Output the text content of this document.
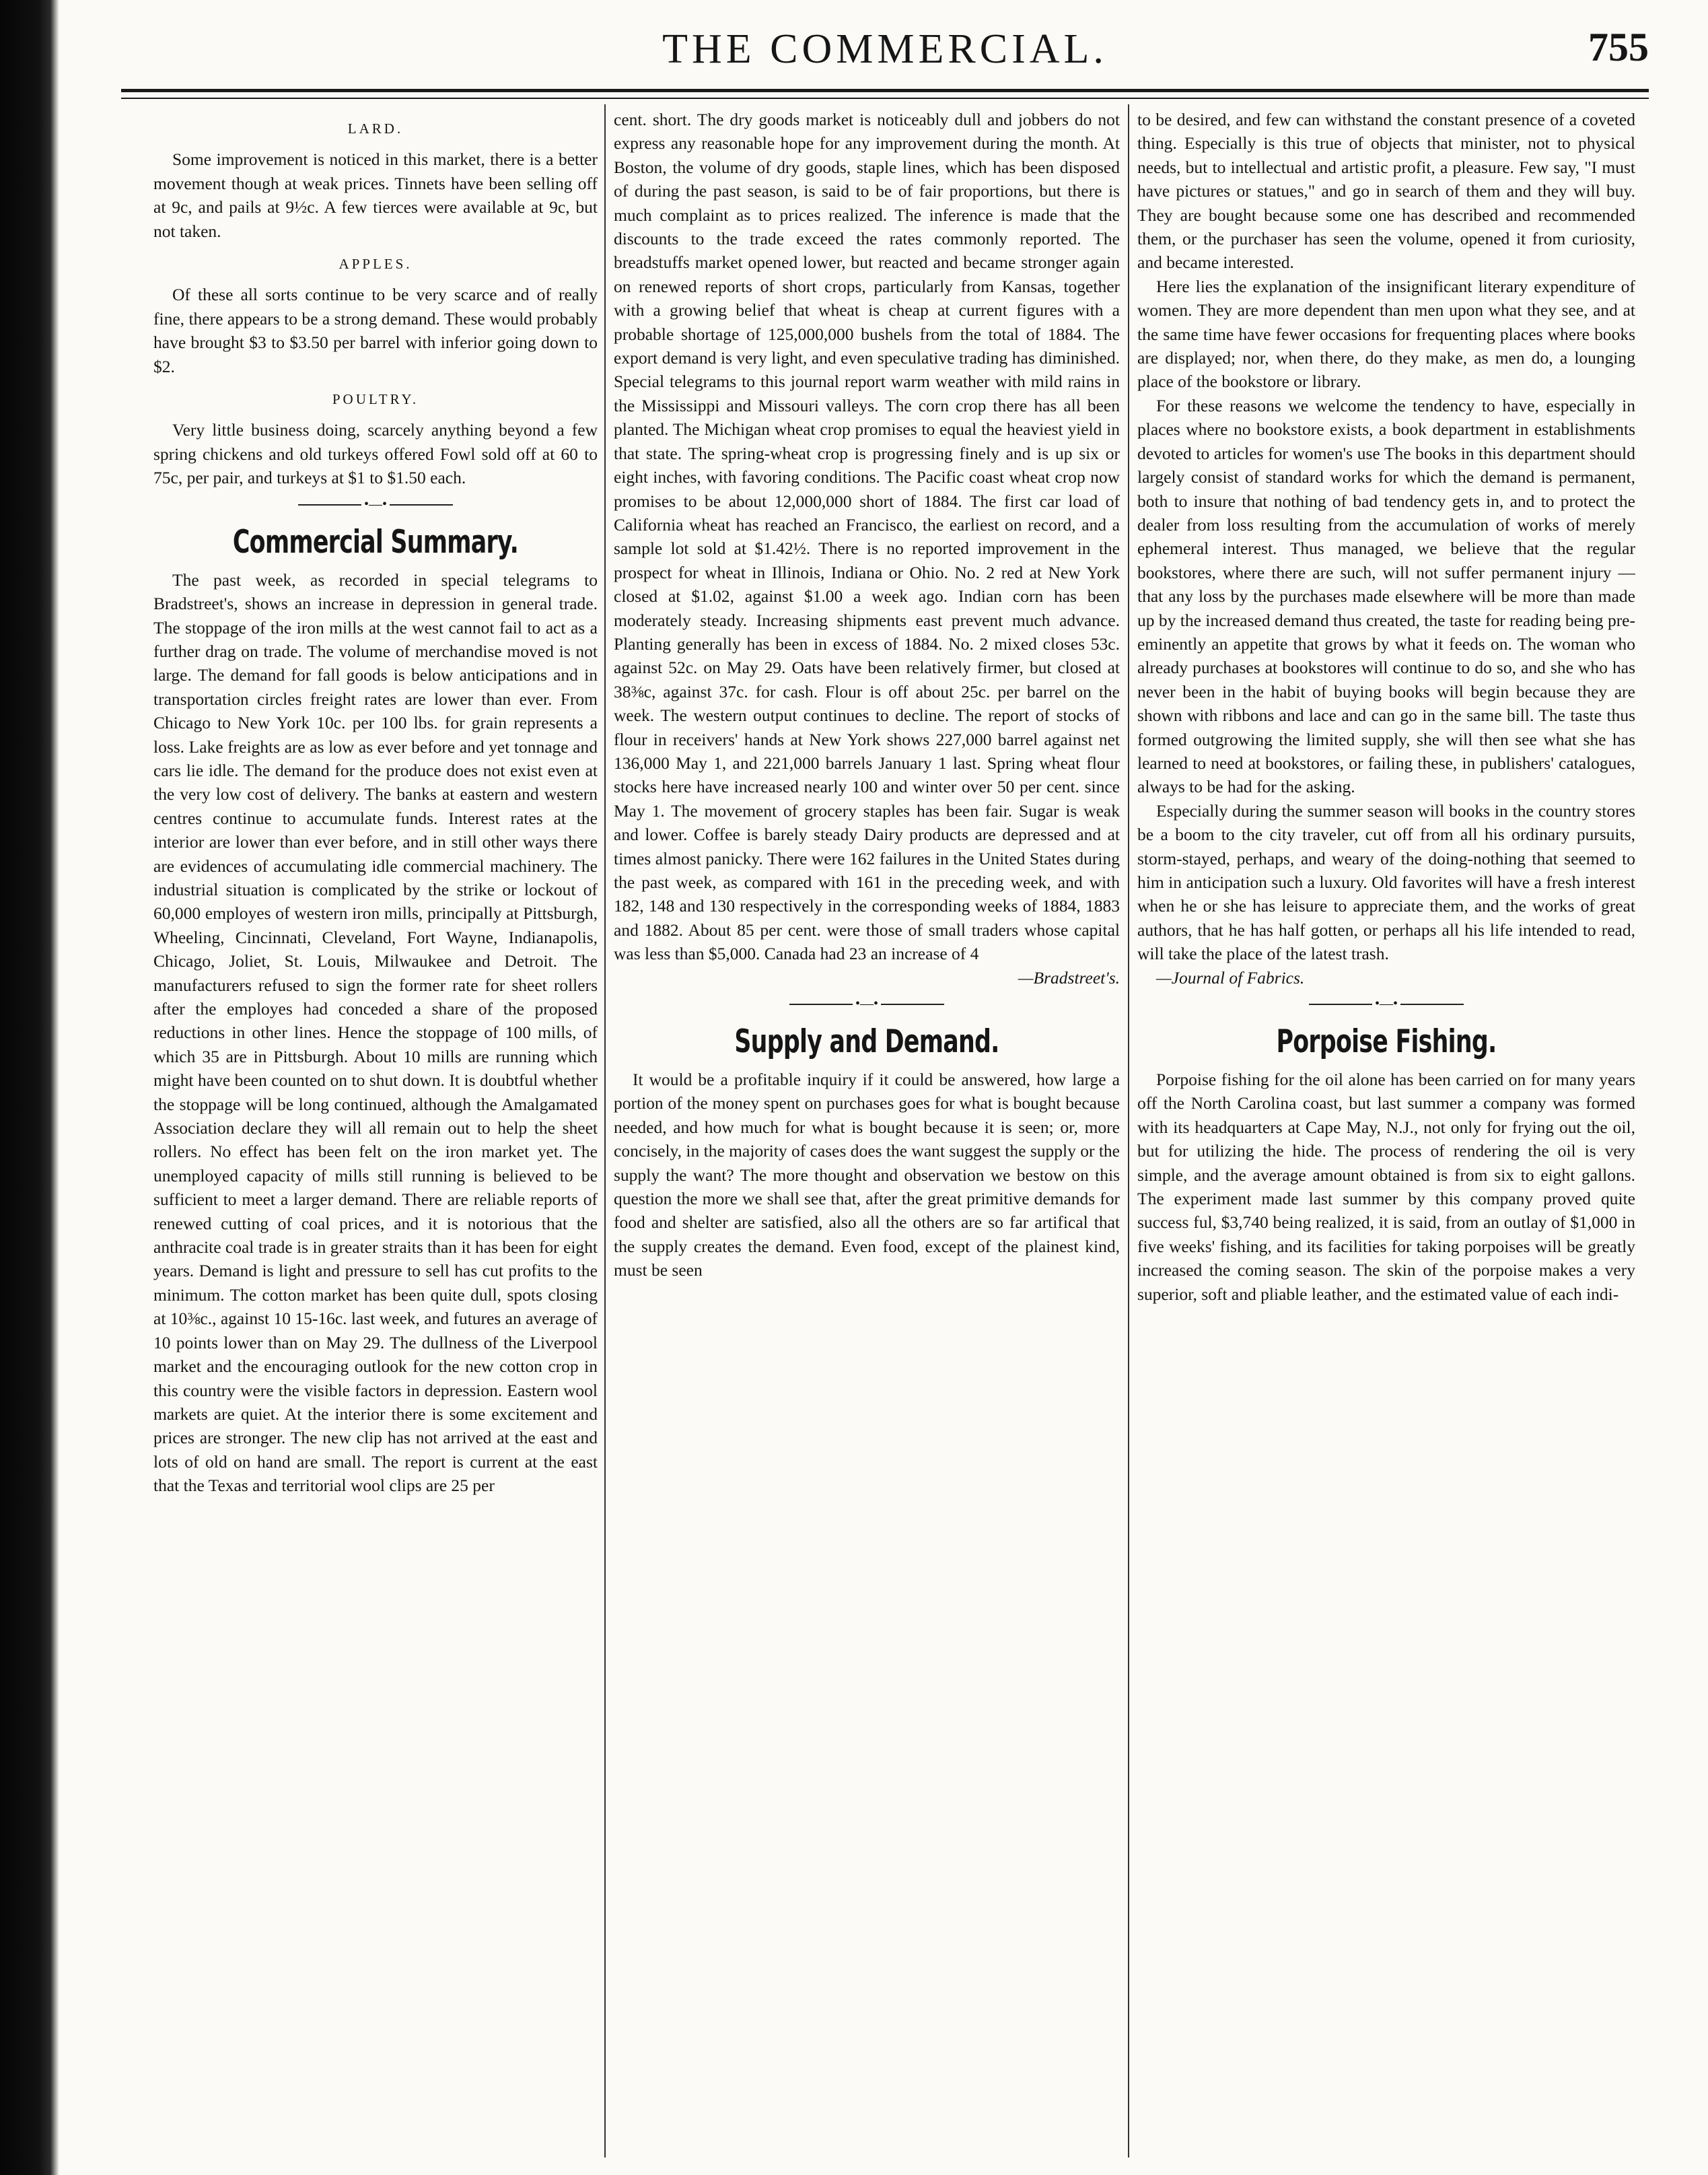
THE COMMERCIAL.	755
LARD.

Some improvement is noticed in this market, there is a better movement though at weak prices. Tinnets have been selling off at 9c, and pails at 9½c. A few tierces were available at 9c, but not taken.

APPLES.

Of these all sorts continue to be very scarce and of really fine, there appears to be a strong demand. These would probably have brought $3 to $3.50 per barrel with inferior going down to $2.

POULTRY.

Very little business doing, scarcely anything beyond a few spring chickens and old turkeys offered Fowl sold off at 60 to 75c, per pair, and turkeys at $1 to $1.50 each.

•—•
Commercial Summary.

The past week, as recorded in special telegrams to Bradstreet's, shows an increase in depression in general trade. The stoppage of the iron mills at the west cannot fail to act as a further drag on trade. The volume of merchandise moved is not large. The demand for fall goods is below anticipations and in transportation circles freight rates are lower than ever. From Chicago to New York 10c. per 100 lbs. for grain represents a loss. Lake freights are as low as ever before and yet tonnage and cars lie idle. The demand for the produce does not exist even at the very low cost of delivery. The banks at eastern and western centres continue to accumulate funds. Interest rates at the interior are lower than ever before, and in still other ways there are evidences of accumulating idle commercial machinery. The industrial situation is complicated by the strike or lockout of 60,000 employes of western iron mills, principally at Pittsburgh, Wheeling, Cincinnati, Cleveland, Fort Wayne, Indianapolis, Chicago, Joliet, St. Louis, Milwaukee and Detroit. The manufacturers refused to sign the former rate for sheet rollers after the employes had conceded a share of the proposed reductions in other lines. Hence the stoppage of 100 mills, of which 35 are in Pittsburgh. About 10 mills are running which might have been counted on to shut down. It is doubtful whether the stoppage will be long continued, although the Amalgamated Association declare they will all remain out to help the sheet rollers. No effect has been felt on the iron market yet. The unemployed capacity of mills still running is believed to be sufficient to meet a larger demand. There are reliable reports of renewed cutting of coal prices, and it is notorious that the anthracite coal trade is in greater straits than it has been for eight years. Demand is light and pressure to sell has cut profits to the minimum. The cotton market has been quite dull, spots closing at 10⅜c., against 10 15-16c. last week, and futures an average of 10 points lower than on May 29. The dullness of the Liverpool market and the encouraging outlook for the new cotton crop in this country were the visible factors in depression. Eastern wool markets are quiet. At the interior there is some excitement and prices are stronger. The new clip has not arrived at the east and lots of old on hand are small. The report is current at the east that the Texas and territorial wool clips are 25 per

cent. short. The dry goods market is noticeably dull and jobbers do not express any reasonable hope for any improvement during the month. At Boston, the volume of dry goods, staple lines, which has been disposed of during the past season, is said to be of fair proportions, but there is much complaint as to prices realized. The inference is made that the discounts to the trade exceed the rates commonly reported. The breadstuffs market opened lower, but reacted and became stronger again on renewed reports of short crops, particularly from Kansas, together with a growing belief that wheat is cheap at current figures with a probable shortage of 125,000,000 bushels from the total of 1884. The export demand is very light, and even speculative trading has diminished. Special telegrams to this journal report warm weather with mild rains in the Mississippi and Missouri valleys. The corn crop there has all been planted. The Michigan wheat crop promises to equal the heaviest yield in that state. The spring-wheat crop is progressing finely and is up six or eight inches, with favoring conditions. The Pacific coast wheat crop now promises to be about 12,000,000 short of 1884. The first car load of California wheat has reached an Francisco, the earliest on record, and a sample lot sold at $1.42½. There is no reported improvement in the prospect for wheat in Illinois, Indiana or Ohio. No. 2 red at New York closed at $1.02, against $1.00 a week ago. Indian corn has been moderately steady. Increasing shipments east prevent much advance. Planting generally has been in excess of 1884. No. 2 mixed closes 53c. against 52c. on May 29. Oats have been relatively firmer, but closed at 38⅜c, against 37c. for cash. Flour is off about 25c. per barrel on the week. The western output continues to decline. The report of stocks of flour in receivers' hands at New York shows 227,000 barrel against net 136,000 May 1, and 221,000 barrels January 1 last. Spring wheat flour stocks here have increased nearly 100 and winter over 50 per cent. since May 1. The movement of grocery staples has been fair. Sugar is weak and lower. Coffee is barely steady Dairy products are depressed and at times almost panicky. There were 162 failures in the United States during the past week, as compared with 161 in the preceding week, and with 182, 148 and 130 respectively in the corresponding weeks of 1884, 1883 and 1882. About 85 per cent. were those of small traders whose capital was less than $5,000. Canada had 23 an increase of 4

—Bradstreet's.

•—•
Supply and Demand.

It would be a profitable inquiry if it could be answered, how large a portion of the money spent on purchases goes for what is bought because needed, and how much for what is bought because it is seen; or, more concisely, in the majority of cases does the want suggest the supply or the supply the want? The more thought and observation we bestow on this question the more we shall see that, after the great primitive demands for food and shelter are satisfied, also all the others are so far artifical that the supply creates the demand. Even food, except of the plainest kind, must be seen

to be desired, and few can withstand the constant presence of a coveted thing. Especially is this true of objects that minister, not to physical needs, but to intellectual and artistic profit, a pleasure. Few say, "I must have pictures or statues," and go in search of them and they will buy. They are bought because some one has described and recommended them, or the purchaser has seen the volume, opened it from curiosity, and became interested.

Here lies the explanation of the insignificant literary expenditure of women. They are more dependent than men upon what they see, and at the same time have fewer occasions for frequenting places where books are displayed; nor, when there, do they make, as men do, a lounging place of the bookstore or library.

For these reasons we welcome the tendency to have, especially in places where no bookstore exists, a book department in establishments devoted to articles for women's use The books in this department should largely consist of standard works for which the demand is permanent, both to insure that nothing of bad tendency gets in, and to protect the dealer from loss resulting from the accumulation of works of merely ephemeral interest. Thus managed, we believe that the regular bookstores, where there are such, will not suffer permanent injury —that any loss by the purchases made elsewhere will be more than made up by the increased demand thus created, the taste for reading being pre-eminently an appetite that grows by what it feeds on. The woman who already purchases at bookstores will continue to do so, and she who has never been in the habit of buying books will begin because they are shown with ribbons and lace and can go in the same bill. The taste thus formed outgrowing the limited supply, she will then see what she has learned to need at bookstores, or failing these, in publishers' catalogues, always to be had for the asking.

Especially during the summer season will books in the country stores be a boom to the city traveler, cut off from all his ordinary pursuits, storm-stayed, perhaps, and weary of the doing-nothing that seemed to him in anticipation such a luxury. Old favorites will have a fresh interest when he or she has leisure to appreciate them, and the works of great authors, that he has half gotten, or perhaps all his life intended to read, will take the place of the latest trash.

—Journal of Fabrics.

•—•
Porpoise Fishing.

Porpoise fishing for the oil alone has been carried on for many years off the North Carolina coast, but last summer a company was formed with its headquarters at Cape May, N.J., not only for frying out the oil, but for utilizing the hide. The process of rendering the oil is very simple, and the average amount obtained is from six to eight gallons. The experiment made last summer by this company proved quite success ful, $3,740 being realized, it is said, from an outlay of $1,000 in five weeks' fishing, and its facilities for taking porpoises will be greatly increased the coming season. The skin of the porpoise makes a very superior, soft and pliable leather, and the estimated value of each indi-
